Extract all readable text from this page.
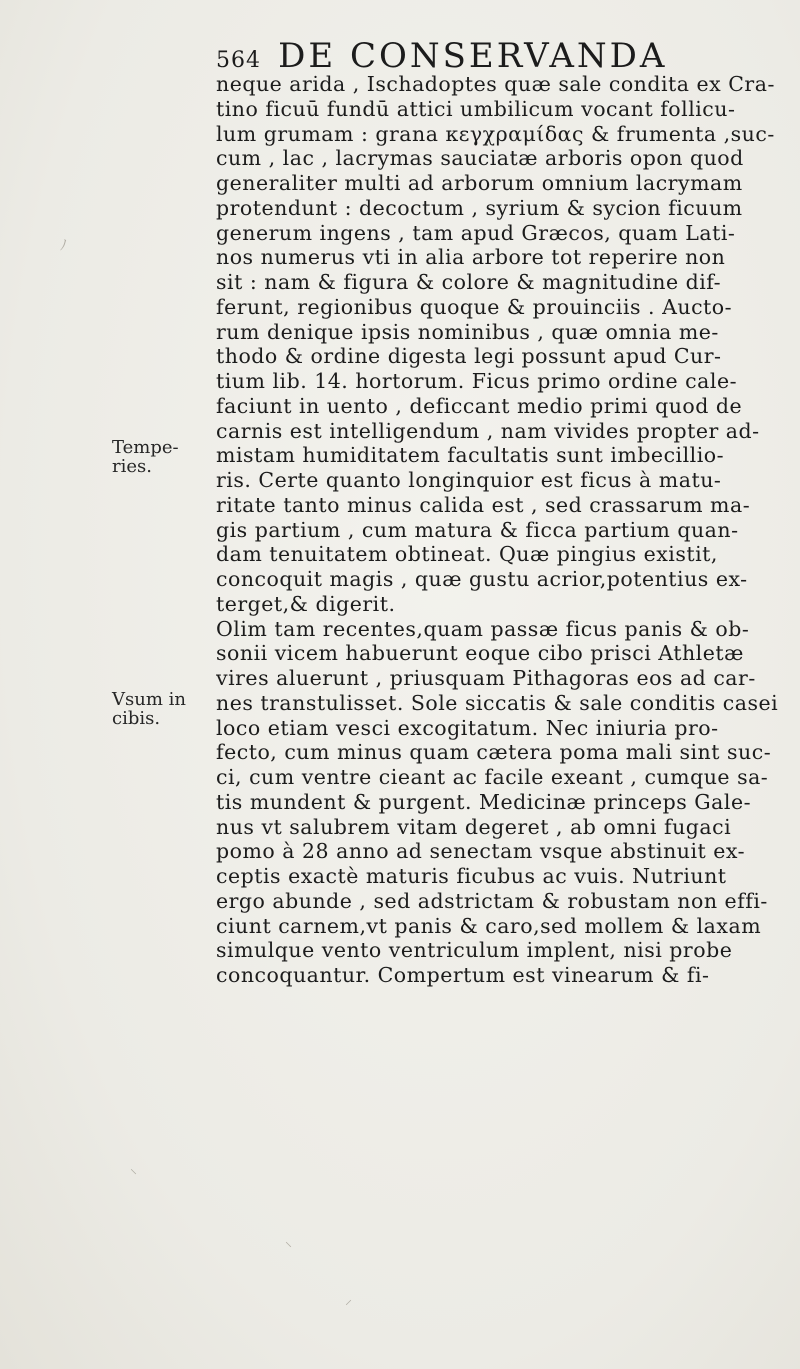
564 DE CONSERVANDA
Tempe-
ries.
Vsum in
cibis.
neque arida , Ischadoptes quæ sale condita ex Cra-
tino ficuū fundū attici umbilicum vocant follicu-
lum grumam : grana κεγχραμίδας & frumenta ,suc-
cum , lac , lacrymas sauciatæ arboris opon quod
generaliter multi ad arborum omnium lacrymam
protendunt : decoctum , syrium & sycion ficuum
generum ingens , tam apud Græcos, quam Lati-
nos numerus vti in alia arbore tot reperire non
sit : nam & figura & colore & magnitudine dif-
ferunt, regionibus quoque & prouinciis . Aucto-
rum denique ipsis nominibus , quæ omnia me-
thodo & ordine digesta legi possunt apud Cur-
tium lib. 14. hortorum. Ficus primo ordine cale-
faciunt in uento , deficcant medio primi quod de
carnis est intelligendum , nam vivides propter ad-
mistam humiditatem facultatis sunt imbecillio-
ris. Certe quanto longinquior est ficus à matu-
ritate tanto minus calida est , sed crassarum ma-
gis partium , cum matura & ficca partium quan-
dam tenuitatem obtineat. Quæ pingius existit,
concoquit magis , quæ gustu acrior,potentius ex-
terget,& digerit.
Olim tam recentes,quam passæ ficus panis & ob-
sonii vicem habuerunt eoque cibo prisci Athletæ
vires aluerunt , priusquam Pithagoras eos ad car-
nes transtulisset. Sole siccatis & sale conditis casei
loco etiam vesci excogitatum. Nec iniuria pro-
fecto, cum minus quam cætera poma mali sint suc-
ci, cum ventre cieant ac facile exeant , cumque sa-
tis mundent & purgent. Medicinæ princeps Gale-
nus vt salubrem vitam degeret , ab omni fugaci
pomo à 28 anno ad senectam vsque abstinuit ex-
ceptis exactè maturis ficubus ac vuis. Nutriunt
ergo abunde , sed adstrictam & robustam non effi-
ciunt carnem,vt panis & caro,sed mollem & laxam
simulque vento ventriculum implent, nisi probe
concoquantur. Compertum est vinearum & fi-
ﾉ
⸌
⸜
⸝
